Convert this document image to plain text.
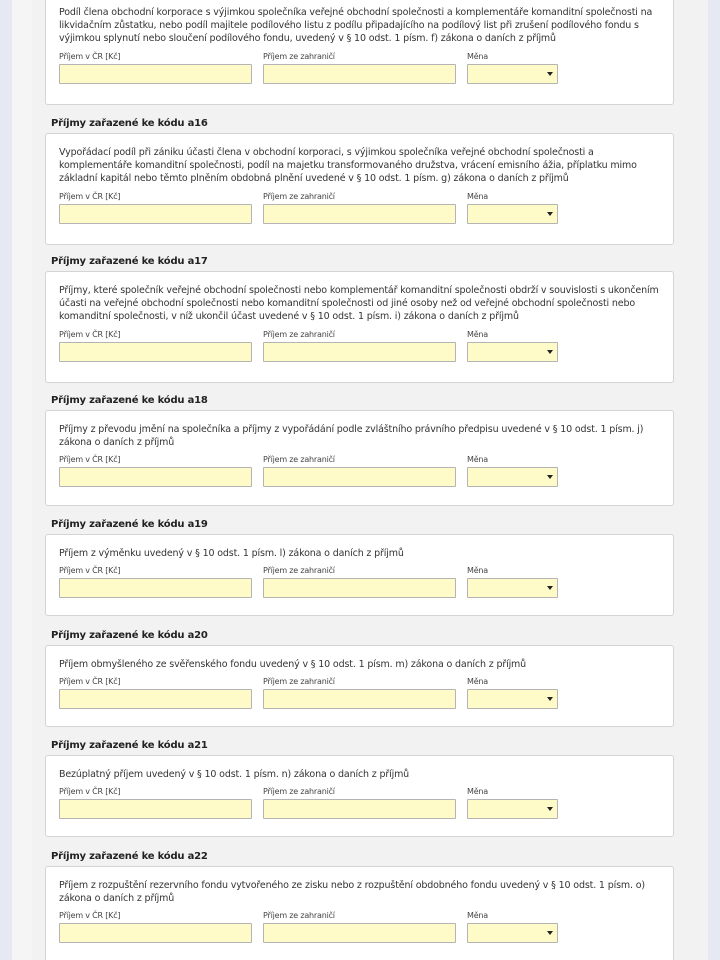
Podíl člena obchodní korporace s výjimkou společníka veřejné obchodní společnosti a komplementáře komanditní společnosti na likvidačním zůstatku, nebo podíl majitele podílového listu z podílu připadajícího na podílový list při zrušení podílového fondu s výjimkou splynutí nebo sloučení podílového fondu, uvedený v § 10 odst. 1 písm. f) zákona o daních z příjmů
Příjem v ČR [Kč]	Příjem ze zahraničí	Měna
Příjmy zařazené ke kódu a16
Vypořádací podíl při zániku účasti člena v obchodní korporaci, s výjimkou společníka veřejné obchodní společnosti a komplementáře komanditní společnosti, podíl na majetku transformovaného družstva, vrácení emisního ážia, příplatku mimo základní kapitál nebo těmto plněním obdobná plnění uvedené v § 10 odst. 1 písm. g) zákona o daních z příjmů
Příjem v ČR [Kč]	Příjem ze zahraničí	Měna
Příjmy zařazené ke kódu a17
Příjmy, které společník veřejné obchodní společnosti nebo komplementář komanditní společnosti obdrží v souvislosti s ukončením účasti na veřejné obchodní společnosti nebo komanditní společnosti od jiné osoby než od veřejné obchodní společnosti nebo komanditní společnosti, v níž ukončil účast uvedené v § 10 odst. 1 písm. i) zákona o daních z příjmů
Příjem v ČR [Kč]	Příjem ze zahraničí	Měna
Příjmy zařazené ke kódu a18
Příjmy z převodu jmění na společníka a příjmy z vypořádání podle zvláštního právního předpisu uvedené v § 10 odst. 1 písm. j) zákona o daních z příjmů
Příjem v ČR [Kč]	Příjem ze zahraničí	Měna
Příjmy zařazené ke kódu a19
Příjem z výměnku uvedený v § 10 odst. 1 písm. l) zákona o daních z příjmů
Příjem v ČR [Kč]	Příjem ze zahraničí	Měna
Příjmy zařazené ke kódu a20
Příjem obmyšleného ze svěřenského fondu uvedený v § 10 odst. 1 písm. m) zákona o daních z příjmů
Příjem v ČR [Kč]	Příjem ze zahraničí	Měna
Příjmy zařazené ke kódu a21
Bezúplatný příjem uvedený v § 10 odst. 1 písm. n) zákona o daních z příjmů
Příjem v ČR [Kč]	Příjem ze zahraničí	Měna
Příjmy zařazené ke kódu a22
Příjem z rozpuštění rezervního fondu vytvořeného ze zisku nebo z rozpuštění obdobného fondu uvedený v § 10 odst. 1 písm. o) zákona o daních z příjmů
Příjem v ČR [Kč]	Příjem ze zahraničí	Měna
